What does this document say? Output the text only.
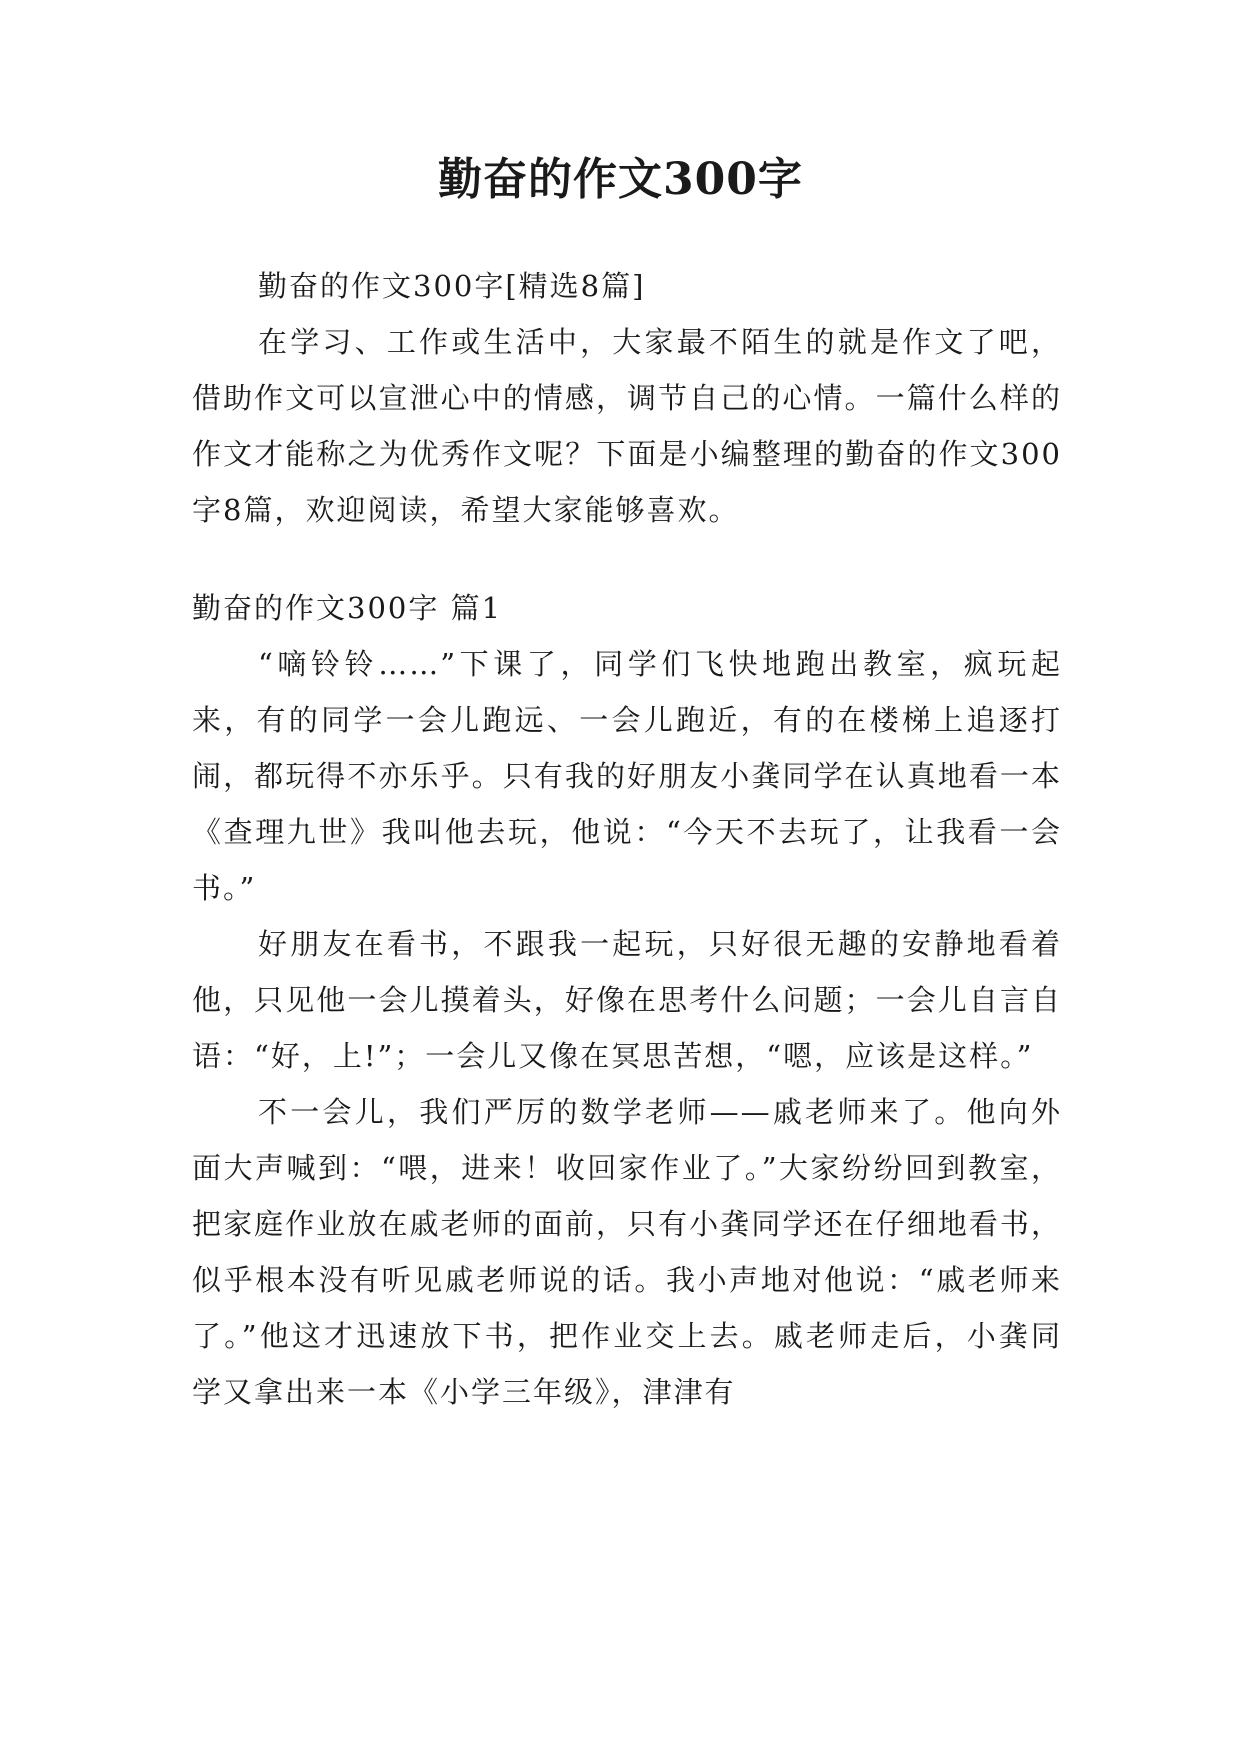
勤奋的作文300字

勤奋的作文300字[精选8篇]

在学习、工作或生活中，大家最不陌生的就是作文了吧，借助作文可以宣泄心中的情感，调节自己的心情。一篇什么样的作文才能称之为优秀作文呢？下面是小编整理的勤奋的作文300字8篇，欢迎阅读，希望大家能够喜欢。

勤奋的作文300字 篇1

“嘀铃铃……”下课了，同学们飞快地跑出教室，疯玩起来，有的同学一会儿跑远、一会儿跑近，有的在楼梯上追逐打闹，都玩得不亦乐乎。只有我的好朋友小龚同学在认真地看一本《查理九世》我叫他去玩，他说：“今天不去玩了，让我看一会书。”

好朋友在看书，不跟我一起玩，只好很无趣的安静地看着他，只见他一会儿摸着头，好像在思考什么问题；一会儿自言自语：“好，上!”；一会儿又像在冥思苦想，“嗯，应该是这样。”

不一会儿，我们严厉的数学老师——戚老师来了。他向外面大声喊到：“喂，进来！收回家作业了。”大家纷纷回到教室，把家庭作业放在戚老师的面前，只有小龚同学还在仔细地看书，似乎根本没有听见戚老师说的话。我小声地对他说：“戚老师来了。”他这才迅速放下书，把作业交上去。戚老师走后，小龚同学又拿出来一本《小学三年级》，津津有
